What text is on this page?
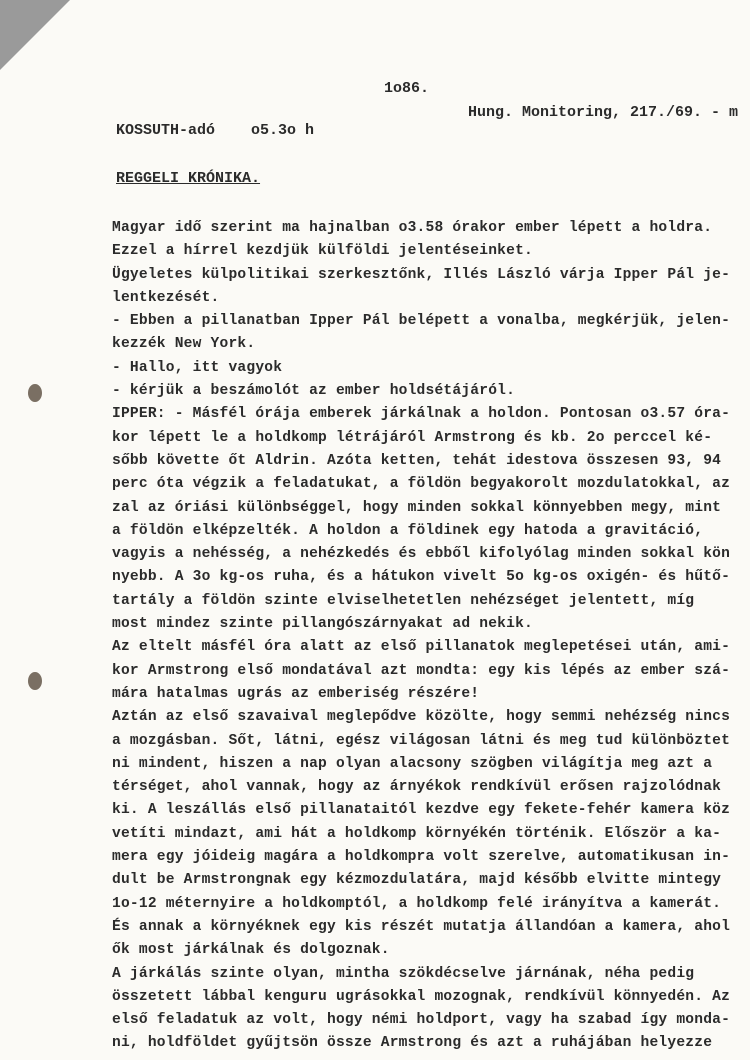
1o86.
Hung. Monitoring, 217./69. - m
KOSSUTH-adó    o5.3o h
REGGELI KRÓNIKA.
Magyar idő szerint ma hajnalban o3.58 órakor ember lépett a holdra.
Ezzel a hírrel kezdjük külföldi jelentéseinket.
Ügyeletes külpolitikai szerkesztőnk, Illés László várja Ipper Pál je-
lentkezését.
- Ebben a pillanatban Ipper Pál belépett a vonalba, megkérjük, jelen-
kezzék New York.
- Hallo, itt vagyok
- kérjük a beszámolót az ember holdsétájáról.
IPPER: - Másfél órája emberek járkálnak a holdon. Pontosan o3.57 óra-
kor lépett le a holdkomp létrájáról Armstrong és kb. 2o perccel ké-
sőbb követte őt Aldrin. Azóta ketten, tehát idestova összesen 93, 94
perc óta végzik a feladatukat, a földön begyakorolt mozdulatokkal, az
zal az óriási különbséggel, hogy minden sokkal könnyebben megy, mint
a földön elképzelték. A holdon a földinek egy hatoda a gravitáció,
vagyis a nehésség, a nehézkedés és ebből kifolyólag minden sokkal kön
nyebb. A 3o kg-os ruha, és a hátukon vivelt 5o kg-os oxigén- és hűtő-
tartály a földön szinte elviselhetetlen nehézséget jelentett, míg
most mindez szinte pillangószárnyakat ad nekik.
Az eltelt másfél óra alatt az első pillanatok meglepetései után, ami-
kor Armstrong első mondatával azt mondta: egy kis lépés az ember szá-
mára hatalmas ugrás az emberiség részére!
Aztán az első szavaival meglepődve közölte, hogy semmi nehézség nincs
a mozgásban. Sőt, látni, egész világosan látni és meg tud különböztet
ni mindent, hiszen a nap olyan alacsony szögben világítja meg azt a
térséget, ahol vannak, hogy az árnyékok rendkívül erősen rajzolódnak
ki. A leszállás első pillanataitól kezdve egy fekete-fehér kamera köz
vetíti mindazt, ami hát a holdkomp környékén történik. Először a ka-
mera egy jóideig magára a holdkompra volt szerelve, automatikusan in-
dult be Armstrongnak egy kézmozdulatára, majd később elvitte mintegy
1o-12 méternyire a holdkomptól, a holdkomp felé irányítva a kamerát.
És annak a környéknek egy kis részét mutatja állandóan a kamera, ahol
ők most járkálnak és dolgoznak.
A járkálás szinte olyan, mintha szökdécselve járnának, néha pedig
összetett lábbal kenguru ugrásokkal mozognak, rendkívül könnyedén. Az
első feladatuk az volt, hogy némi holdport, vagy ha szabad így monda-
ni, holdföldet gyűjtsön össze Armstrong és azt a ruhájában helyezze
